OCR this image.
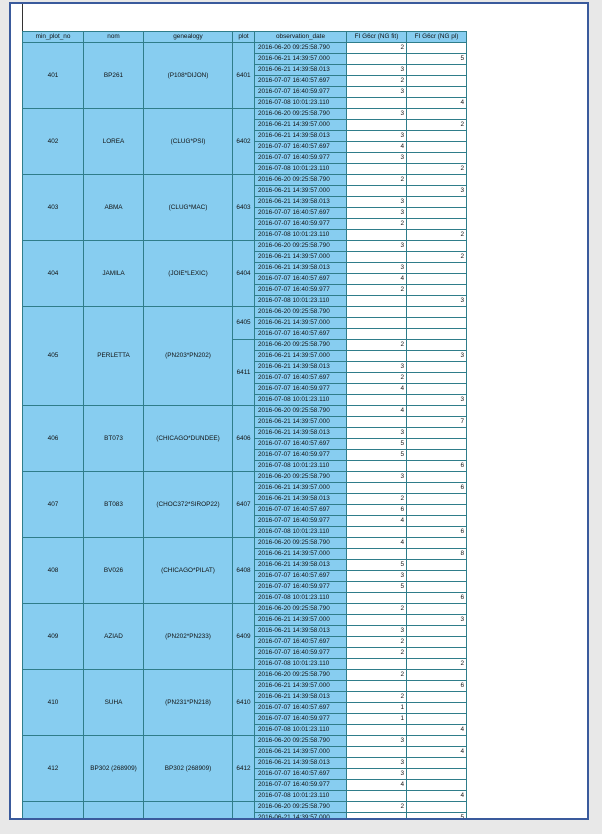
min_plot_no	nom	genealogy	plot	observation_date	FI G6cr (NG fit)	FI G6cr (NG pl)
401	BP261	(P108*DIJON)	6401	2016-06-20 09:25:58.790	2	
				2016-06-21 14:39:57.000		5
				2016-06-21 14:39:58.013	3	
				2016-07-07 16:40:57.697	2	
				2016-07-07 16:40:59.977	3	
				2016-07-08 10:01:23.110		4
402	LOREA	(CLUG*PSI)	6402	2016-06-20 09:25:58.790	3	
				2016-06-21 14:39:57.000		2
				2016-06-21 14:39:58.013	3	
				2016-07-07 16:40:57.697	4	
				2016-07-07 16:40:59.977	3	
				2016-07-08 10:01:23.110		2
403	ABMA	(CLUG*MAC)	6403	2016-06-20 09:25:58.790	2	
				2016-06-21 14:39:57.000		3
				2016-06-21 14:39:58.013	3	
				2016-07-07 16:40:57.697	3	
				2016-07-07 16:40:59.977	2	
				2016-07-08 10:01:23.110		2
404	JAMILA	(JOIE*LEXIC)	6404	2016-06-20 09:25:58.790	3	
				2016-06-21 14:39:57.000		2
				2016-06-21 14:39:58.013	3	
				2016-07-07 16:40:57.697	4	
				2016-07-07 16:40:59.977	2	
				2016-07-08 10:01:23.110		3
405	PERLETTA	(PN203*PN202)	6405	2016-06-20 09:25:58.790		
				2016-06-21 14:39:57.000		
				2016-07-07 16:40:57.697		
			6411	2016-06-20 09:25:58.790	2	
				2016-06-21 14:39:57.000		3
				2016-06-21 14:39:58.013	3	
				2016-07-07 16:40:57.697	2	
				2016-07-07 16:40:59.977	4	
				2016-07-08 10:01:23.110		3
406	BT073	(CHICAGO*DUNDEE)	6406	2016-06-20 09:25:58.790	4	
				2016-06-21 14:39:57.000		7
				2016-06-21 14:39:58.013	3	
				2016-07-07 16:40:57.697	5	
				2016-07-07 16:40:59.977	5	
				2016-07-08 10:01:23.110		6
407	BT083	(CHOC372*SIROP22)	6407	2016-06-20 09:25:58.790	3	
				2016-06-21 14:39:57.000		6
				2016-06-21 14:39:58.013	2	
				2016-07-07 16:40:57.697	6	
				2016-07-07 16:40:59.977	4	
				2016-07-08 10:01:23.110		6
408	BV026	(CHICAGO*PILAT)	6408	2016-06-20 09:25:58.790	4	
				2016-06-21 14:39:57.000		8
				2016-06-21 14:39:58.013	5	
				2016-07-07 16:40:57.697	3	
				2016-07-07 16:40:59.977	5	
				2016-07-08 10:01:23.110		6
409	AZIAD	(PN202*PN233)	6409	2016-06-20 09:25:58.790	2	
				2016-06-21 14:39:57.000		3
				2016-06-21 14:39:58.013	3	
				2016-07-07 16:40:57.697	2	
				2016-07-07 16:40:59.977	2	
				2016-07-08 10:01:23.110		2
410	SUHA	(PN231*PN218)	6410	2016-06-20 09:25:58.790	2	
				2016-06-21 14:39:57.000		6
				2016-06-21 14:39:58.013	2	
				2016-07-07 16:40:57.697	1	
				2016-07-07 16:40:59.977	1	
				2016-07-08 10:01:23.110		4
412	BP302 (268909)	BP302 (268909)	6412	2016-06-20 09:25:58.790	3	
				2016-06-21 14:39:57.000		4
				2016-06-21 14:39:58.013	3	
				2016-07-07 16:40:57.697	3	
				2016-07-07 16:40:59.977	4	
				2016-07-08 10:01:23.110		4
				2016-06-20 09:25:58.790	2	
				2016-06-21 14:39:57.000		5
